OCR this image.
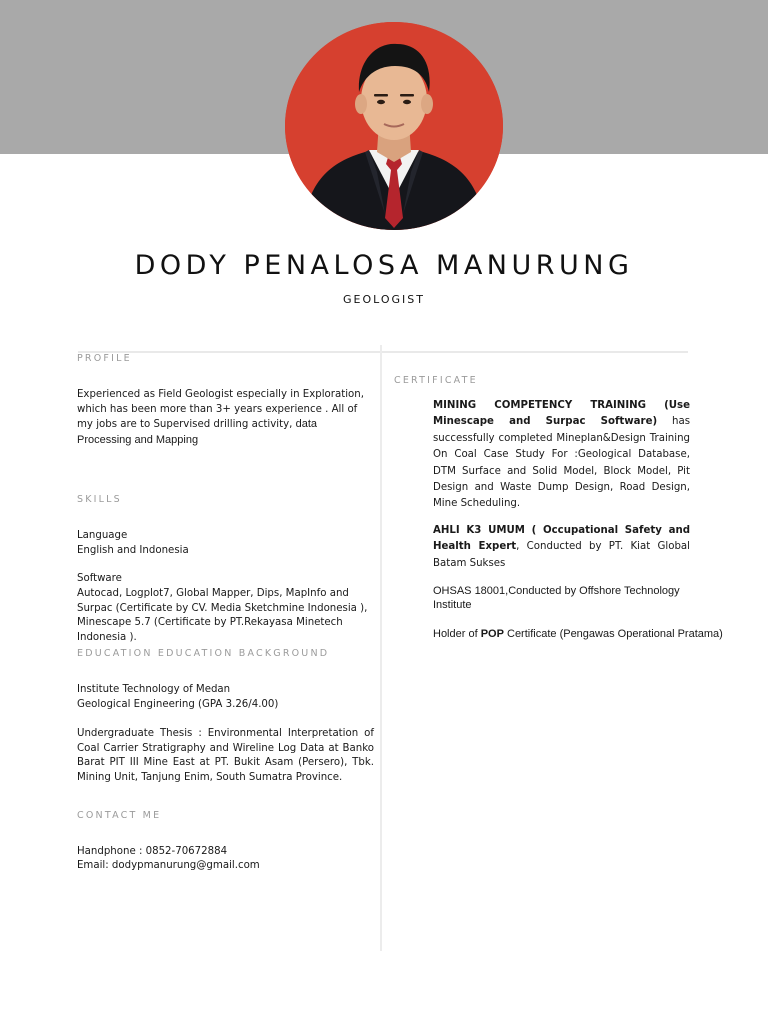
DODY PENALOSA MANURUNG
GEOLOGIST
PROFILE
Experienced as Field Geologist especially in Exploration, which has been more than 3+ years experience . All of my jobs are to Supervised drilling activity, data Processing and Mapping
SKILLS
Language
English and Indonesia
Software
Autocad, Logplot7, Global Mapper, Dips, MapInfo and Surpac (Certificate by CV. Media Sketchmine Indonesia ), Minescape 5.7 (Certificate by PT.Rekayasa Minetech Indonesia ).
EDUCATION EDUCATION BACKGROUND
Institute Technology of Medan
Geological Engineering (GPA 3.26/4.00)
Undergraduate Thesis : Environmental Interpretation of Coal Carrier Stratigraphy and Wireline Log Data at Banko Barat PIT III Mine East at PT. Bukit Asam (Persero), Tbk. Mining Unit, Tanjung Enim, South Sumatra Province.
CONTACT ME
Handphone : 0852-70672884
Email: dodypmanurung@gmail.com
CERTIFICATE
MINING COMPETENCY TRAINING (Use Minescape and Surpac Software) has successfully completed Mineplan&Design Training On Coal Case Study For :Geological Database, DTM Surface and Solid Model, Block Model, Pit Design and Waste Dump Design, Road Design, Mine Scheduling.
AHLI K3 UMUM ( Occupational Safety and Health Expert, Conducted by PT. Kiat Global Batam Sukses
OHSAS 18001,Conducted by Offshore Technology Institute
Holder of POP Certificate (Pengawas Operational Pratama)
